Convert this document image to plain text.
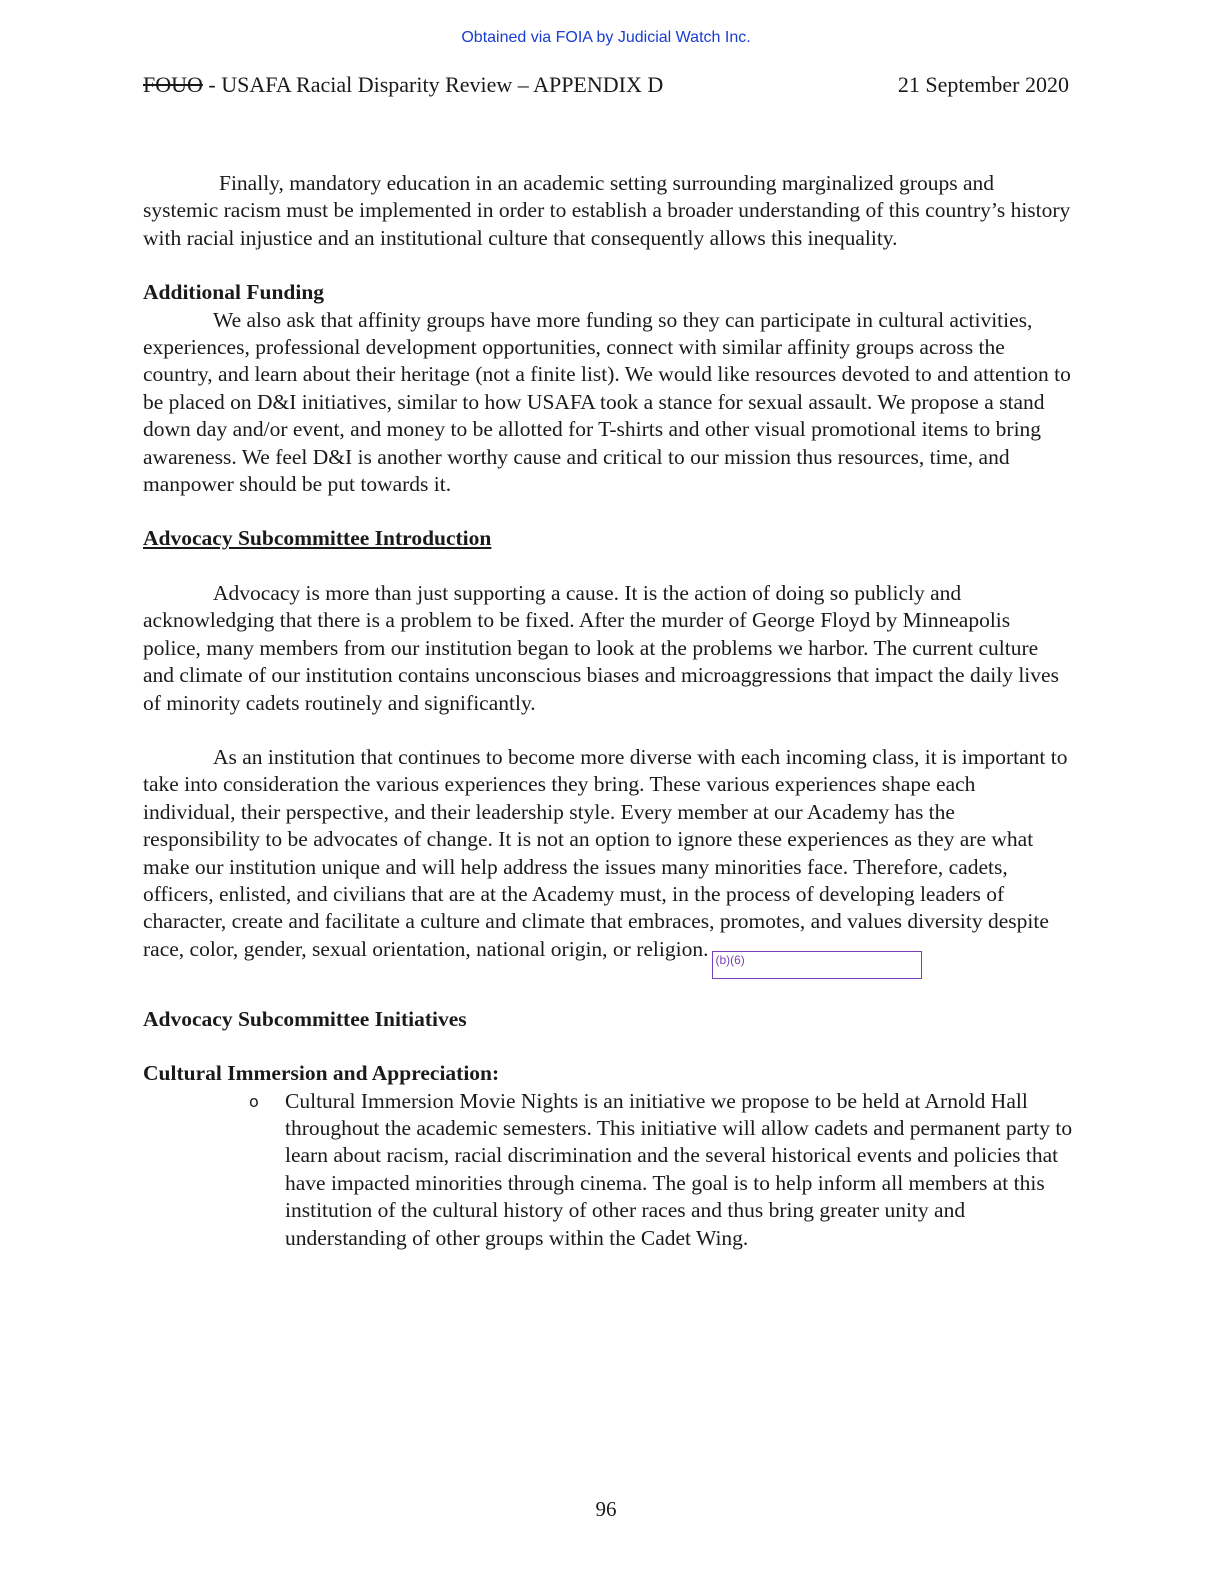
Obtained via FOIA by Judicial Watch Inc.
FOUO - USAFA Racial Disparity Review – APPENDIX D	21 September 2020

Finally, mandatory education in an academic setting surrounding marginalized groups and systemic racism must be implemented in order to establish a broader understanding of this country’s history with racial injustice and an institutional culture that consequently allows this inequality.

Additional Funding

We also ask that affinity groups have more funding so they can participate in cultural activities, experiences, professional development opportunities, connect with similar affinity groups across the country, and learn about their heritage (not a finite list). We would like resources devoted to and attention to be placed on D&I initiatives, similar to how USAFA took a stance for sexual assault. We propose a stand down day and/or event, and money to be allotted for T-shirts and other visual promotional items to bring awareness. We feel D&I is another worthy cause and critical to our mission thus resources, time, and manpower should be put towards it.

Advocacy Subcommittee Introduction

Advocacy is more than just supporting a cause. It is the action of doing so publicly and acknowledging that there is a problem to be fixed. After the murder of George Floyd by Minneapolis police, many members from our institution began to look at the problems we harbor. The current culture and climate of our institution contains unconscious biases and microaggressions that impact the daily lives of minority cadets routinely and significantly.

As an institution that continues to become more diverse with each incoming class, it is important to take into consideration the various experiences they bring. These various experiences shape each individual, their perspective, and their leadership style. Every member at our Academy has the responsibility to be advocates of change. It is not an option to ignore these experiences as they are what make our institution unique and will help address the issues many minorities face. Therefore, cadets, officers, enlisted, and civilians that are at the Academy must, in the process of developing leaders of character, create and facilitate a culture and climate that embraces, promotes, and values diversity despite race, color, gender, sexual orientation, national origin, or religion. (b)(6)

Advocacy Subcommittee Initiatives

Cultural Immersion and Appreciation:

o Cultural Immersion Movie Nights is an initiative we propose to be held at Arnold Hall throughout the academic semesters. This initiative will allow cadets and permanent party to learn about racism, racial discrimination and the several historical events and policies that have impacted minorities through cinema. The goal is to help inform all members at this institution of the cultural history of other races and thus bring greater unity and understanding of other groups within the Cadet Wing.
96
